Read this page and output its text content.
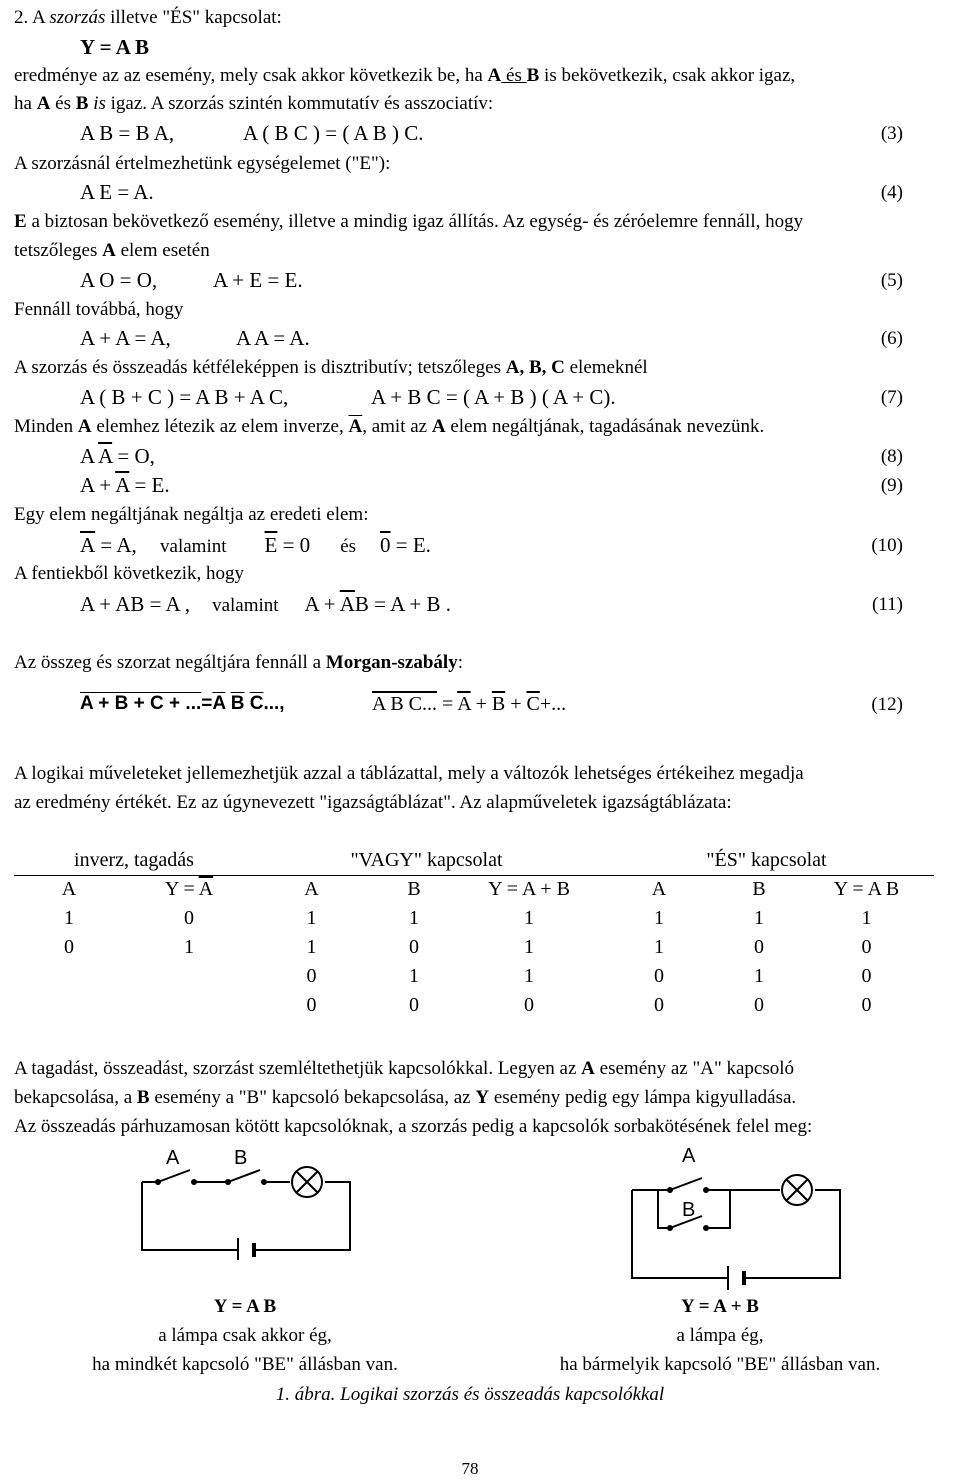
2. A szorzás illetve "ÉS" kapcsolat:
Y = A B
eredménye az az esemény, mely csak akkor következik be, ha A és B is bekövetkezik, csak akkor igaz,
ha A és B is igaz. A szorzás szintén kommutatív és asszociatív:
A B = B A,	A ( B C ) = ( A B ) C.	(3)
A szorzásnál értelmezhetünk egységelemet ("E"):
A E = A.	(4)
E a biztosan bekövetkező esemény, illetve a mindig igaz állítás. Az egység- és zéróelemre fennáll, hogy
tetszőleges A elem esetén
A O = O,	A + E = E.	(5)
Fennáll továbbá, hogy
A + A = A,	A A = A.	(6)
A szorzás és összeadás kétféleképpen is disztributív; tetszőleges A, B, C elemeknél
A ( B + C ) = A B + A C,	A + B C = ( A + B ) ( A + C).	(7)
Minden A elemhez létezik az elem inverze, $\overline{A}$, amit az A elem negáltjának, tagadásának nevezünk.
A $\overline{A} = O$,	(8)
$A + \overline{A} = E$.	(9)
Egy elem negáltjának negáltja az eredeti elem:
$\overline{A} = A$, valamint $\overline{E} = 0$ és 0 = E.	(10)
A fentiekből következik, hogy
A + AB = A , valamint $A + \overline{A}B = A + B$ .	(11)
Az összeg és szorzat negáltjára fennáll a Morgan-szabály:
$A + B + C + ...=\overline{A}$ $\overline{B}$ $\overline{C}$...,	A B C... = $\overline{A} + \overline{B} + \overline{C}+$...	(12)
A logikai műveleteket jellemezhetjük azzal a táblázattal, mely a változók lehetséges értékeihez megadja
az eredmény értékét. Ez az úgynevezett "igazságtáblázat". Az alapműveletek igazságtáblázata:
inverz, tagadás		"VAGY" kapcsolat			"ÉS" kapcsolat		
A	$Y = \overline{A}$	A	B	Y = A + B	A	B	Y = A B
1	0	1	1	1	1	1	1
0	1	1	0	1	1	0	0
		0	1	1	0	1	0
		0	0	0	0	0	0
A tagadást, összeadást, szorzást szemléltethetjük kapcsolókkal. Legyen az A esemény az "A" kapcsoló
bekapcsolása, a B esemény a "B" kapcsoló bekapcsolása, az Y esemény pedig egy lámpa kigyulladása.
Az összeadás párhuzamosan kötött kapcsolóknak, a szorzás pedig a kapcsolók sorbakötésének felel meg:
A	B	A
B
Y = A B
a lámpa csak akkor ég,
ha mindkét kapcsoló "BE" állásban van.
Y = A + B
a lámpa ég,
ha bármelyik kapcsoló "BE" állásban van.
1. ábra. Logikai szorzás és összeadás kapcsolókkal
78
